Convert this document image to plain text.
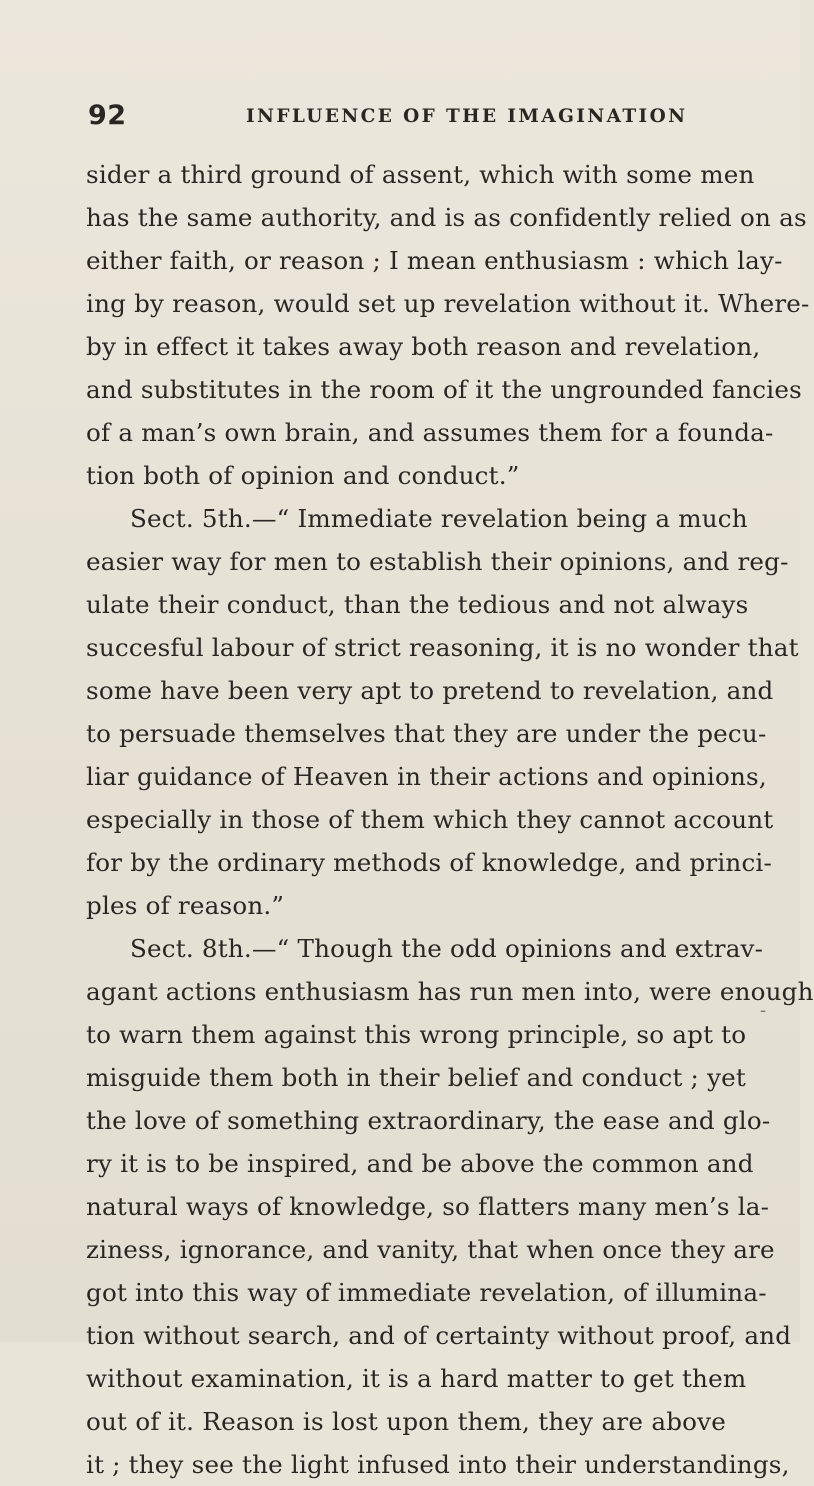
92	INFLUENCE OF THE IMAGINATION
sider a third ground of assent, which with some men
has the same authority, and is as confidently relied on as
either faith, or reason ; I mean enthusiasm : which lay-
ing by reason, would set up revelation without it. Where-
by in effect it takes away both reason and revelation,
and substitutes in the room of it the ungrounded fancies
of a man’s own brain, and assumes them for a founda-
tion both of opinion and conduct.”
Sect. 5th.—“ Immediate revelation being a much
easier way for men to establish their opinions, and reg-
ulate their conduct, than the tedious and not always
succesful labour of strict reasoning, it is no wonder that
some have been very apt to pretend to revelation, and
to persuade themselves that they are under the pecu-
liar guidance of Heaven in their actions and opinions,
especially in those of them which they cannot account
for by the ordinary methods of knowledge, and princi-
ples of reason.”
Sect. 8th.—“ Though the odd opinions and extrav-
agant actions enthusiasm has run men into, were enough
to warn them against this wrong principle, so apt to
misguide them both in their belief and conduct ; yet
the love of something extraordinary, the ease and glo-
ry it is to be inspired, and be above the common and
natural ways of knowledge, so flatters many men’s la-
ziness, ignorance, and vanity, that when once they are
got into this way of immediate revelation, of illumina-
tion without search, and of certainty without proof, and
without examination, it is a hard matter to get them
out of it. Reason is lost upon them, they are above
it ; they see the light infused into their understandings,
-
